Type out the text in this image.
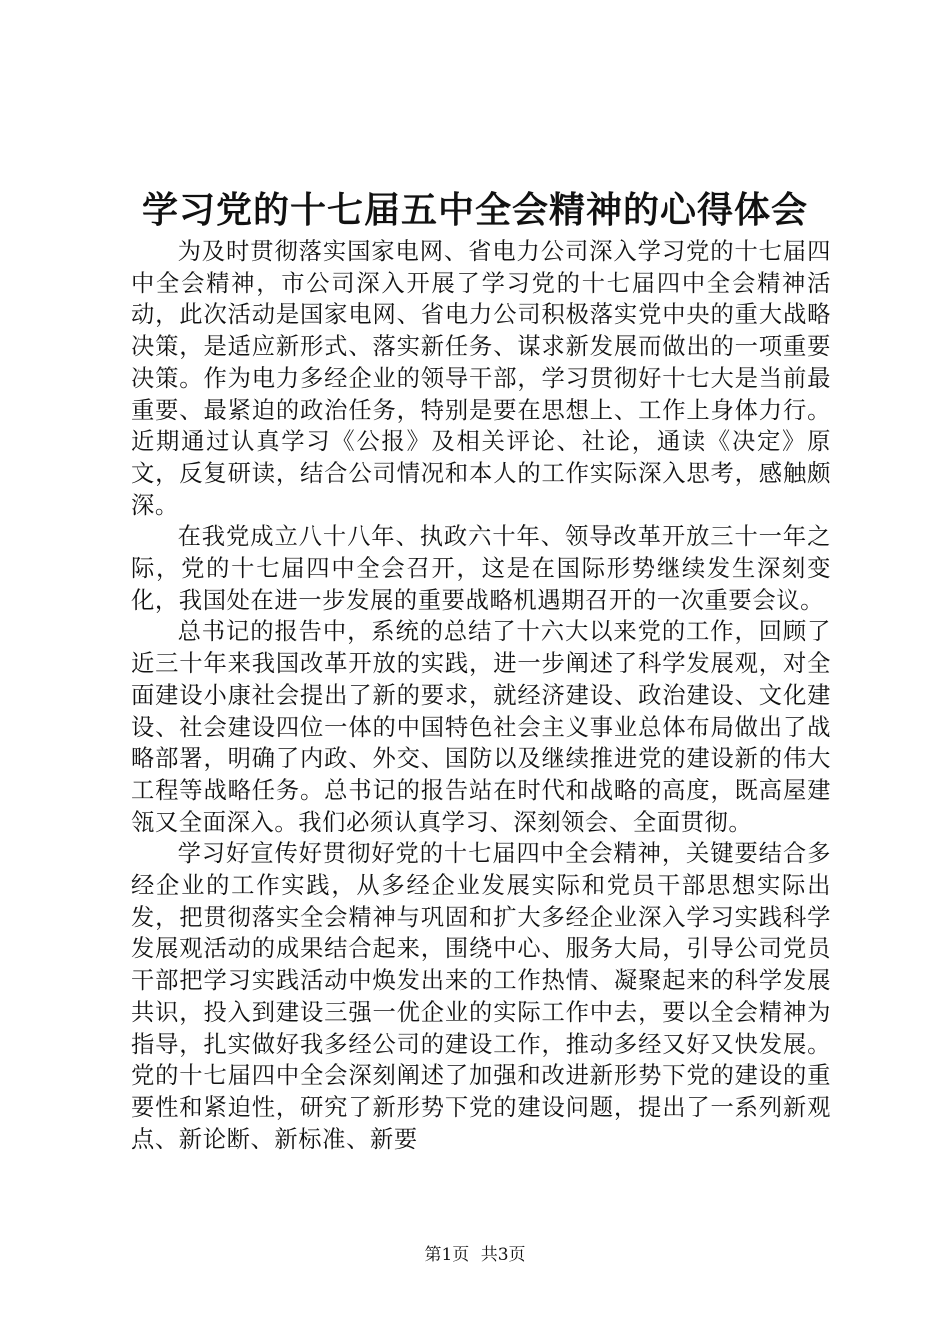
学习党的十七届五中全会精神的心得体会

为及时贯彻落实国家电网、省电力公司深入学习党的十七届四中全会精神，市公司深入开展了学习党的十七届四中全会精神活动，此次活动是国家电网、省电力公司积极落实党中央的重大战略决策，是适应新形式、落实新任务、谋求新发展而做出的一项重要决策。作为电力多经企业的领导干部，学习贯彻好十七大是当前最重要、最紧迫的政治任务，特别是要在思想上、工作上身体力行。近期通过认真学习《公报》及相关评论、社论，通读《决定》原文，反复研读，结合公司情况和本人的工作实际深入思考，感触颇深。

在我党成立八十八年、执政六十年、领导改革开放三十一年之际，党的十七届四中全会召开，这是在国际形势继续发生深刻变化，我国处在进一步发展的重要战略机遇期召开的一次重要会议。

总书记的报告中，系统的总结了十六大以来党的工作，回顾了近三十年来我国改革开放的实践，进一步阐述了科学发展观，对全面建设小康社会提出了新的要求，就经济建设、政治建设、文化建设、社会建设四位一体的中国特色社会主义事业总体布局做出了战略部署，明确了内政、外交、国防以及继续推进党的建设新的伟大工程等战略任务。总书记的报告站在时代和战略的高度，既高屋建瓴又全面深入。我们必须认真学习、深刻领会、全面贯彻。

学习好宣传好贯彻好党的十七届四中全会精神，关键要结合多经企业的工作实践，从多经企业发展实际和党员干部思想实际出发，把贯彻落实全会精神与巩固和扩大多经企业深入学习实践科学发展观活动的成果结合起来，围绕中心、服务大局，引导公司党员干部把学习实践活动中焕发出来的工作热情、凝聚起来的科学发展共识，投入到建设三强一优企业的实际工作中去，要以全会精神为指导，扎实做好我多经公司的建设工作，推动多经又好又快发展。党的十七届四中全会深刻阐述了加强和改进新形势下党的建设的重要性和紧迫性，研究了新形势下党的建设问题，提出了一系列新观点、新论断、新标准、新要

第1页 共3页
